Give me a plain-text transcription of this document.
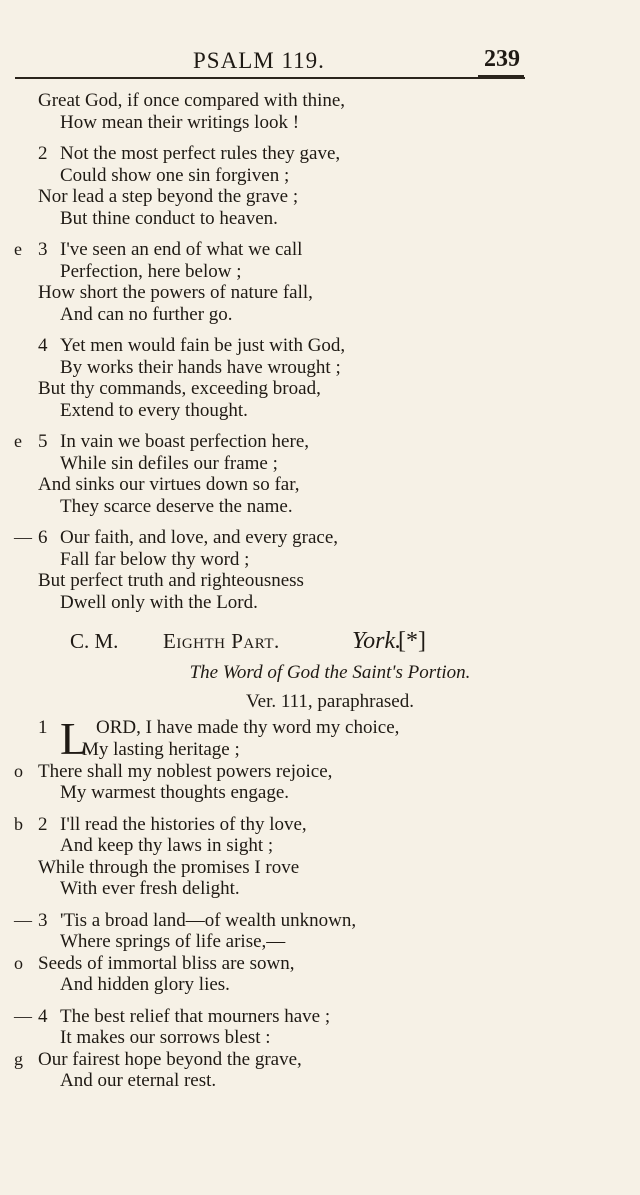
PSALM 119.	239
Great God, if once compared with thine,
How mean their writings look !
2 Not the most perfect rules they gave,
Could show one sin forgiven ;
Nor lead a step beyond the grave ;
But thine conduct to heaven.
e 3 I've seen an end of what we call
Perfection, here below ;
How short the powers of nature fall,
And can no further go.
4 Yet men would fain be just with God,
By works their hands have wrought ;
But thy commands, exceeding broad,
Extend to every thought.
e 5 In vain we boast perfection here,
While sin defiles our frame ;
And sinks our virtues down so far,
They scarce deserve the name.
— 6 Our faith, and love, and every grace,
Fall far below thy word ;
But perfect truth and righteousness
Dwell only with the Lord.
C. M. Eighth Part.	York.
[*]
The Word of God the Saint's Portion.
Ver. 111, paraphrased.
1 L ORD, I have made thy word my choice,
My lasting heritage ;
o There shall my noblest powers rejoice,
My warmest thoughts engage.
b 2 I'll read the histories of thy love,
And keep thy laws in sight ;
While through the promises I rove
With ever fresh delight.
— 3 'Tis a broad land—of wealth unknown,
Where springs of life arise,—
o Seeds of immortal bliss are sown,
And hidden glory lies.
— 4 The best relief that mourners have ;
It makes our sorrows blest :
g Our fairest hope beyond the grave,
And our eternal rest.
